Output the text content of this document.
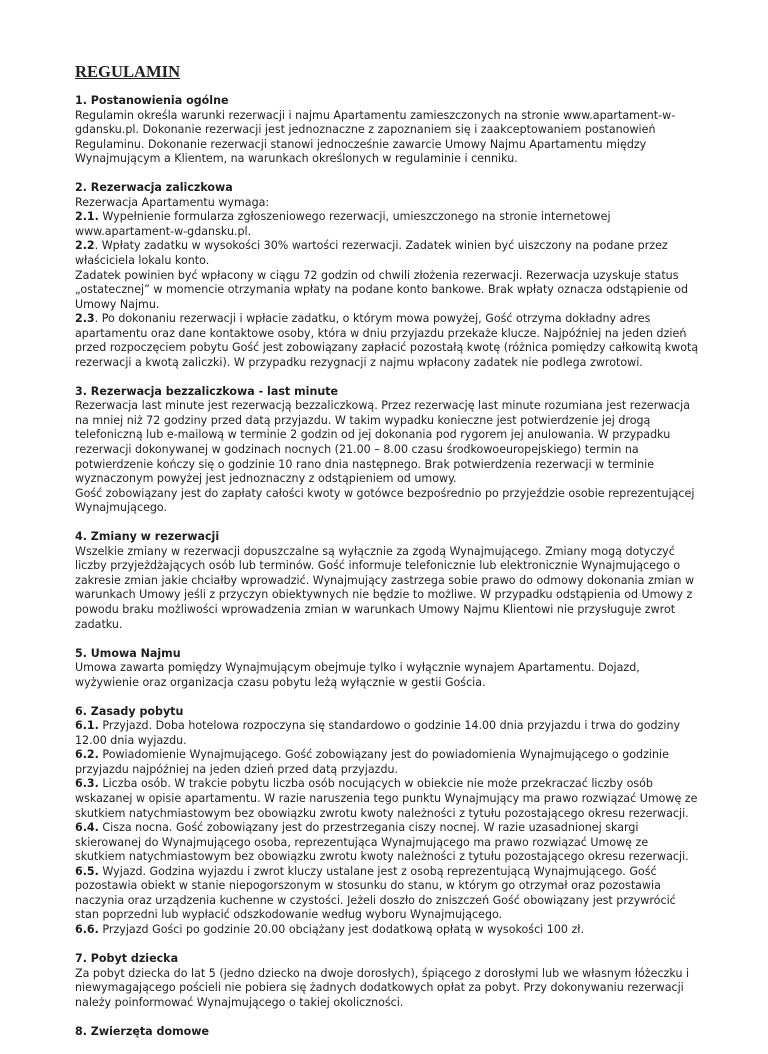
REGULAMIN

1. Postanowienia ogólne

Regulamin określa warunki rezerwacji i najmu Apartamentu zamieszczonych na stronie www.apartament-w-gdansku.pl. Dokonanie rezerwacji jest jednoznaczne z zapoznaniem się i zaakceptowaniem postanowień Regulaminu. Dokonanie rezerwacji stanowi jednocześnie zawarcie Umowy Najmu Apartamentu między Wynajmującym a Klientem, na warunkach określonych w regulaminie i cenniku.

2. Rezerwacja zaliczkowa

Rezerwacja Apartamentu wymaga:

2.1. Wypełnienie formularza zgłoszeniowego rezerwacji, umieszczonego na stronie internetowej www.apartament-w-gdansku.pl.

2.2. Wpłaty zadatku w wysokości 30% wartości rezerwacji. Zadatek winien być uiszczony na podane przez właściciela lokalu konto.

Zadatek powinien być wpłacony w ciągu 72 godzin od chwili złożenia rezerwacji. Rezerwacja uzyskuje status „ostatecznej” w momencie otrzymania wpłaty na podane konto bankowe. Brak wpłaty oznacza odstąpienie od Umowy Najmu.

2.3. Po dokonaniu rezerwacji i wpłacie zadatku, o którym mowa powyżej, Gość otrzyma dokładny adres apartamentu oraz dane kontaktowe osoby, która w dniu przyjazdu przekaże klucze. Najpóźniej na jeden dzień przed rozpoczęciem pobytu Gość jest zobowiązany zapłacić pozostałą kwotę (różnica pomiędzy całkowitą kwotą rezerwacji a kwotą zaliczki). W przypadku rezygnacji z najmu wpłacony zadatek nie podlega zwrotowi.

3. Rezerwacja bezzaliczkowa - last minute

Rezerwacja last minute jest rezerwacją bezzaliczkową. Przez rezerwację last minute rozumiana jest rezerwacja na mniej niż 72 godziny przed datą przyjazdu. W takim wypadku konieczne jest potwierdzenie jej drogą telefoniczną lub e-mailową w terminie 2 godzin od jej dokonania pod rygorem jej anulowania. W przypadku rezerwacji dokonywanej w godzinach nocnych (21.00 – 8.00 czasu środkowoeuropejskiego) termin na potwierdzenie kończy się o godzinie 10 rano dnia następnego. Brak potwierdzenia rezerwacji w terminie wyznaczonym powyżej jest jednoznaczny z odstąpieniem od umowy.

Gość zobowiązany jest do zapłaty całości kwoty w gotówce bezpośrednio po przyjeździe osobie reprezentującej Wynajmującego.

4. Zmiany w rezerwacji

Wszelkie zmiany w rezerwacji dopuszczalne są wyłącznie za zgodą Wynajmującego. Zmiany mogą dotyczyć liczby przyjeżdżających osób lub terminów. Gość informuje telefonicznie lub elektronicznie Wynajmującego o zakresie zmian jakie chciałby wprowadzić. Wynajmujący zastrzega sobie prawo do odmowy dokonania zmian w warunkach Umowy jeśli z przyczyn obiektywnych nie będzie to możliwe. W przypadku odstąpienia od Umowy z powodu braku możliwości wprowadzenia zmian w warunkach Umowy Najmu Klientowi nie przysługuje zwrot zadatku.

5. Umowa Najmu

Umowa zawarta pomiędzy Wynajmującym obejmuje tylko i wyłącznie wynajem Apartamentu. Dojazd, wyżywienie oraz organizacja czasu pobytu leżą wyłącznie w gestii Gościa.

6. Zasady pobytu

6.1. Przyjazd. Doba hotelowa rozpoczyna się standardowo o godzinie 14.00 dnia przyjazdu i trwa do godziny 12.00 dnia wyjazdu.

6.2. Powiadomienie Wynajmującego. Gość zobowiązany jest do powiadomienia Wynajmującego o godzinie przyjazdu najpóźniej na jeden dzień przed datą przyjazdu.

6.3. Liczba osób. W trakcie pobytu liczba osób nocujących w obiekcie nie może przekraczać liczby osób wskazanej w opisie apartamentu. W razie naruszenia tego punktu Wynajmujący ma prawo rozwiązać Umowę ze skutkiem natychmiastowym bez obowiązku zwrotu kwoty należności z tytułu pozostającego okresu rezerwacji.

6.4. Cisza nocna. Gość zobowiązany jest do przestrzegania ciszy nocnej. W razie uzasadnionej skargi skierowanej do Wynajmującego osoba, reprezentująca Wynajmującego ma prawo rozwiązać Umowę ze skutkiem natychmiastowym bez obowiązku zwrotu kwoty należności z tytułu pozostającego okresu rezerwacji.

6.5. Wyjazd. Godzina wyjazdu i zwrot kluczy ustalane jest z osobą reprezentującą Wynajmującego. Gość pozostawia obiekt w stanie niepogorszonym w stosunku do stanu, w którym go otrzymał oraz pozostawia naczynia oraz urządzenia kuchenne w czystości. Jeżeli doszło do zniszczeń Gość obowiązany jest przywrócić stan poprzedni lub wypłacić odszkodowanie według wyboru Wynajmującego.

6.6. Przyjazd Gości po godzinie 20.00 obciążany jest dodatkową opłatą w wysokości 100 zł.

7. Pobyt dziecka

Za pobyt dziecka do lat 5 (jedno dziecko na dwoje dorosłych), śpiącego z dorosłymi lub we własnym łóżeczku i niewymagającego pościeli nie pobiera się żadnych dodatkowych opłat za pobyt. Przy dokonywaniu rezerwacji należy poinformować Wynajmującego o takiej okoliczności.

8. Zwierzęta domowe
